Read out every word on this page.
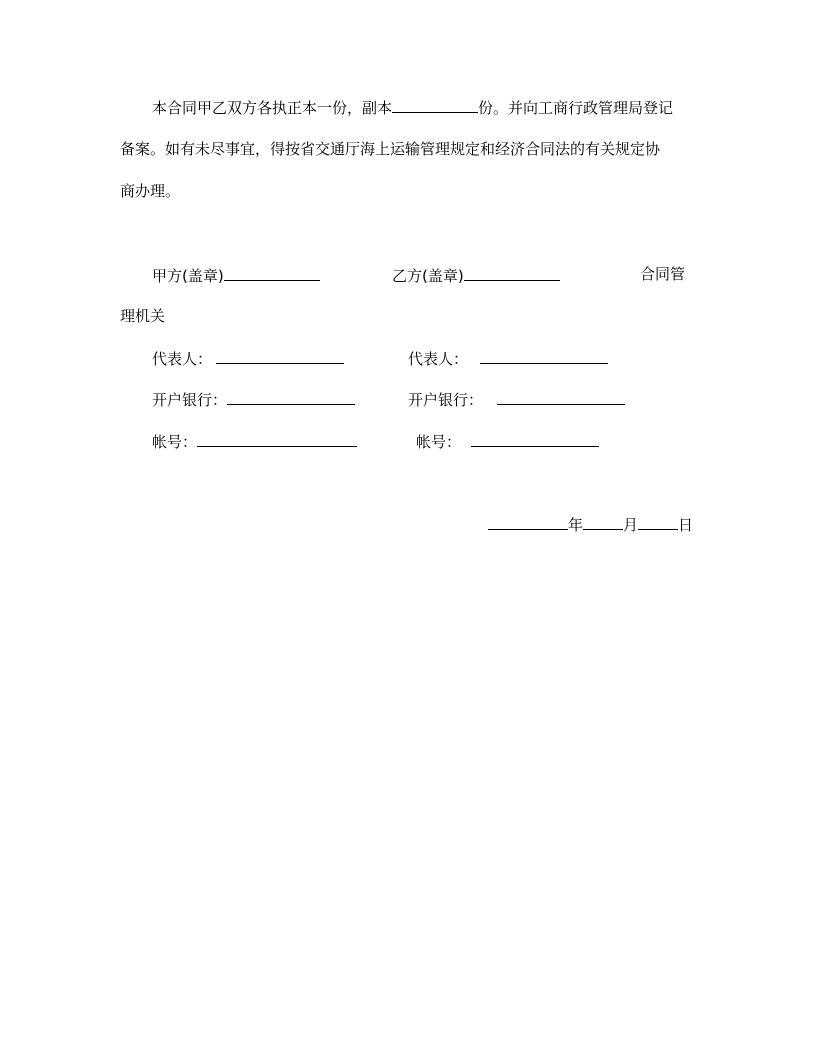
本合同甲乙双方各执正本一份，副本	份。并向工商行政管理局登记
备案。如有未尽事宜，得按省交通厅海上运输管理规定和经济合同法的有关规定协
商办理。
甲方(盖章)	乙方(盖章)	合同管
理机关
代表人：	代表人：
开户银行：	开户银行：
帐号：	帐号：
年	月	日
